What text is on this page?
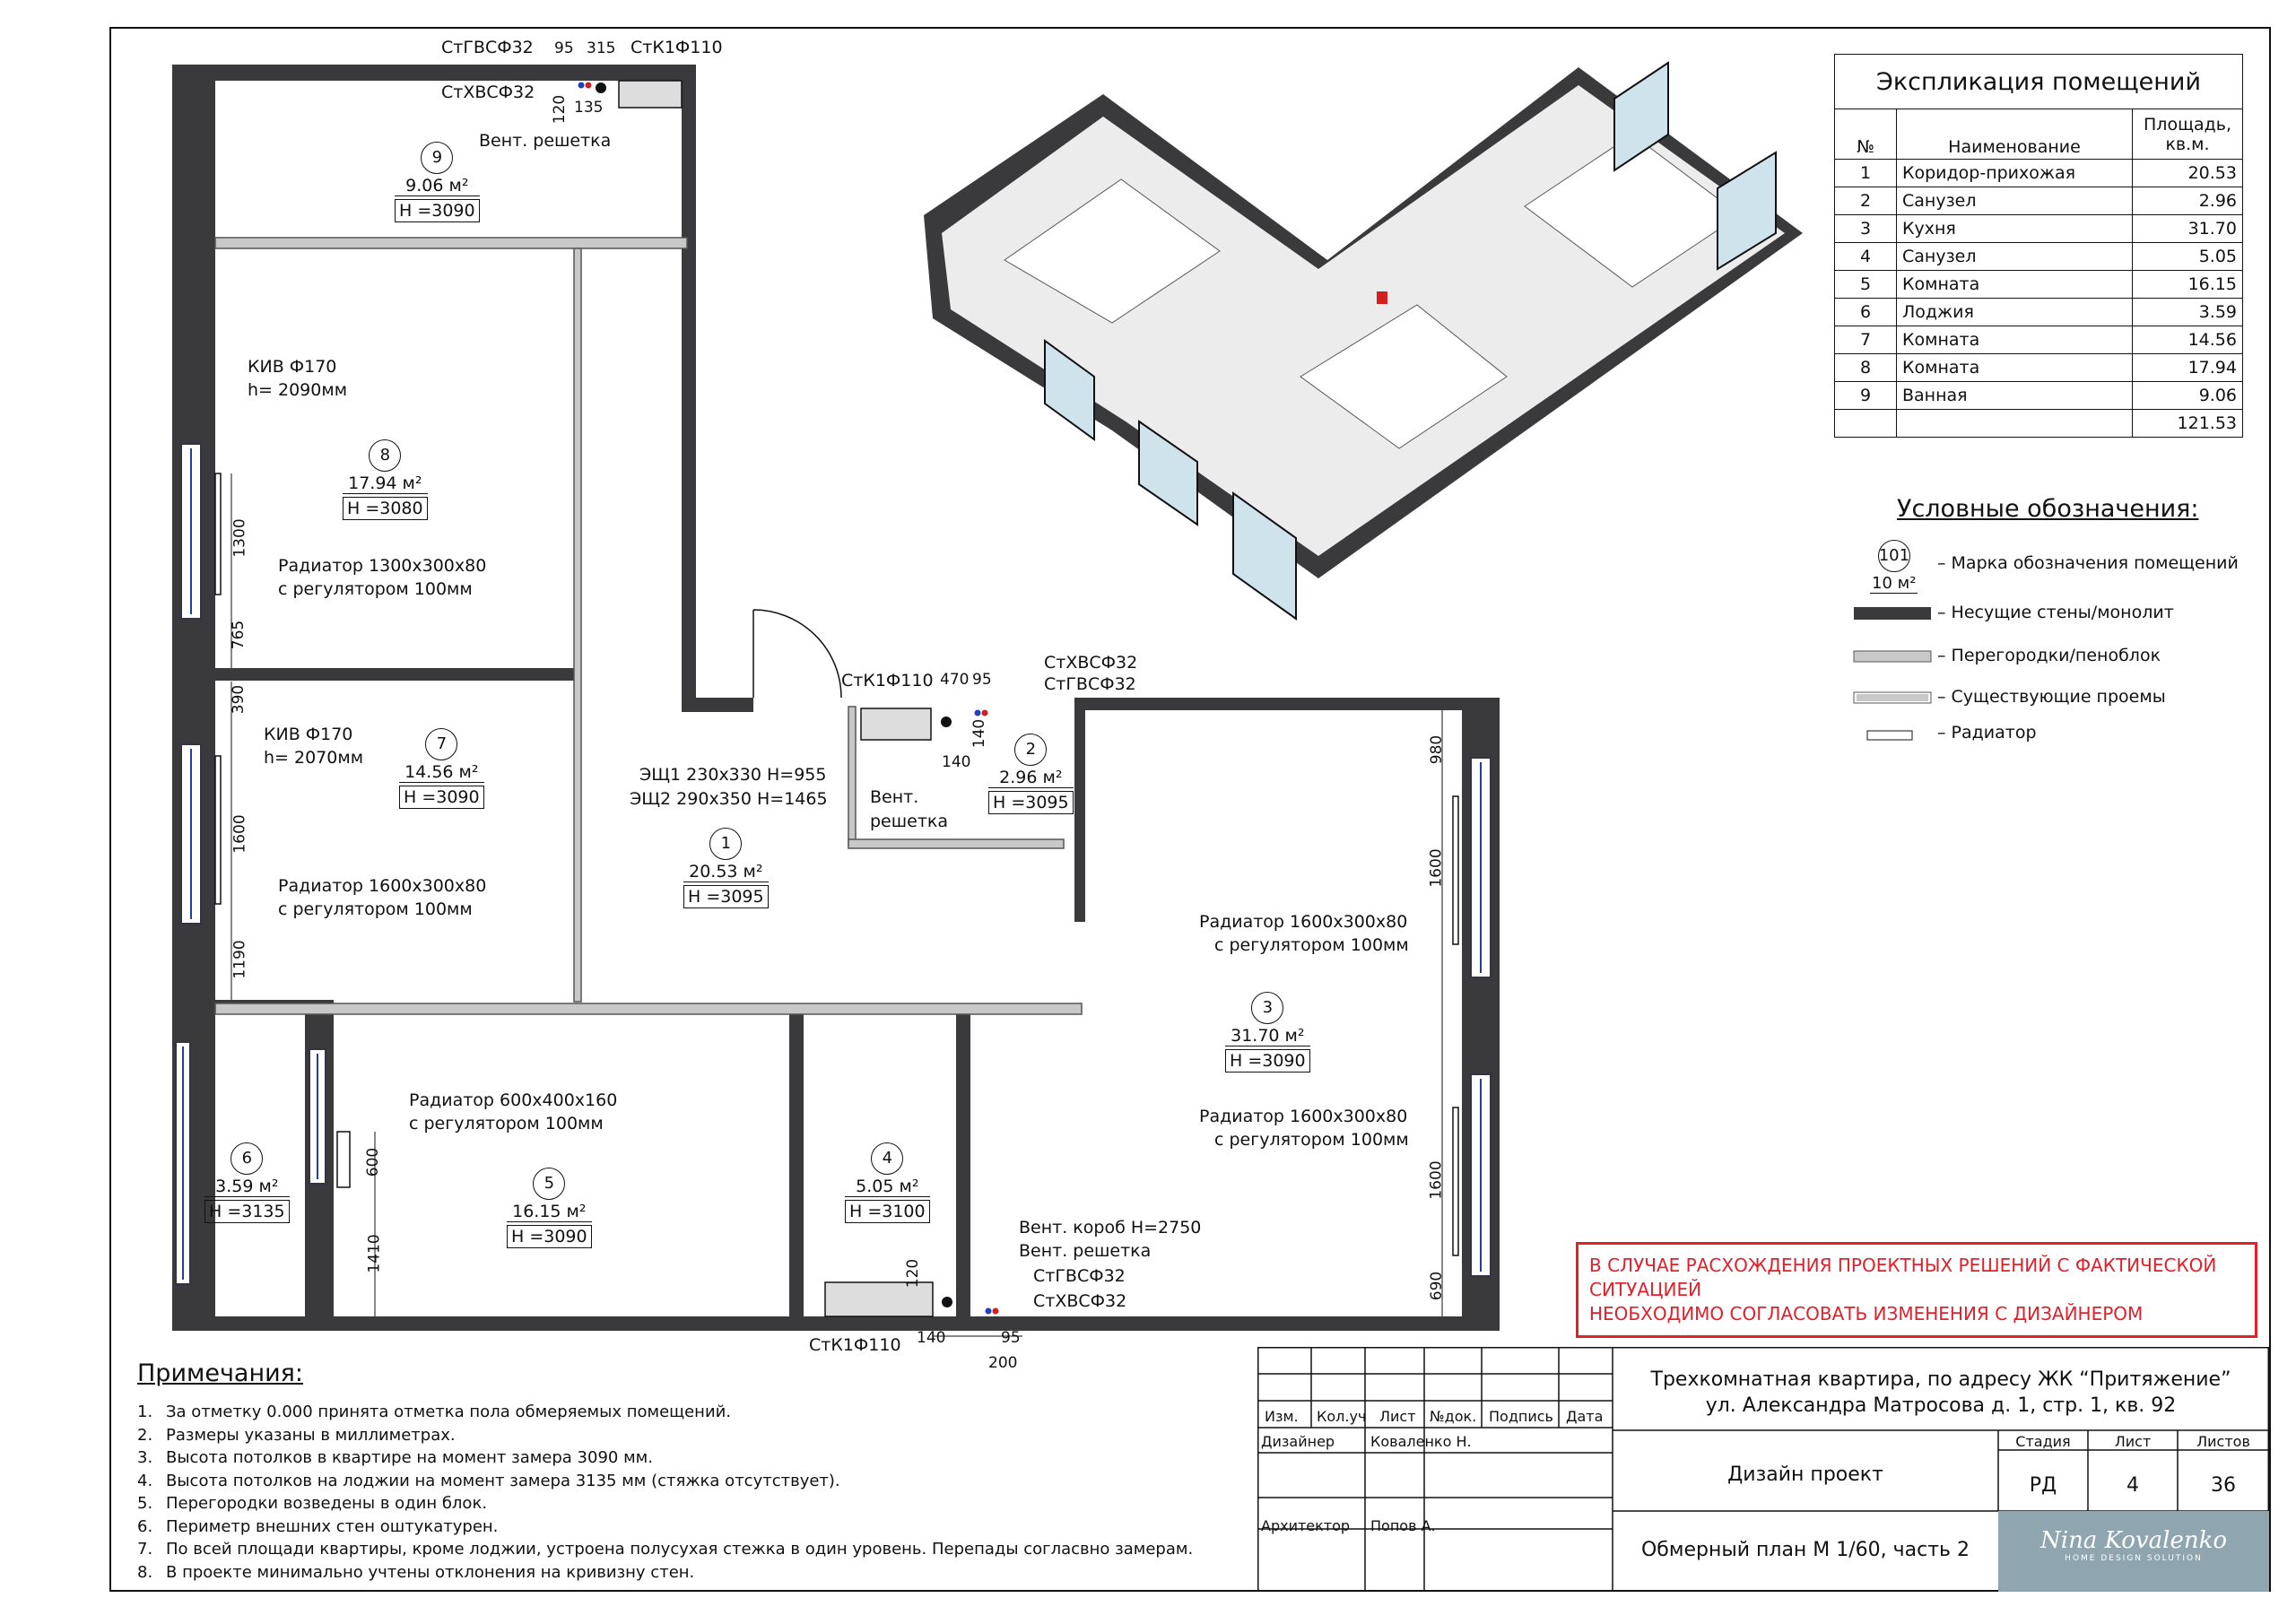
9
9.06 м²
H =3090
8
17.94 м²
H =3080
7
14.56 м²
H =3090
1
20.53 м²
H =3095
2
2.96 м²
H =3095
3
31.70 м²
H =3090
6
3.59 м²
H =3135
5
16.15 м²
H =3090
4
5.05 м²
H =3100
СтГВСФ32	СтК1Ф110
СтХВСФ32
Вент. решетка
КИВ Ф170
h= 2090мм
Радиатор 1300х300х80
с регулятором 100мм
КИВ Ф170
h= 2070мм
Радиатор 1600х300х80
с регулятором 100мм
ЭЩ1 230х330 H=955
ЭЩ2 290х350 H=1465
СтК1Ф110
СтХВСФ32
СтГВСФ32
Вент.
решетка
Радиатор 1600х300х80
с регулятором 100мм
Радиатор 1600х300х80
с регулятором 100мм
Радиатор 600х400х160
с регулятором 100мм
Вент. короб H=2750
Вент. решетка
СтГВСФ32
СтХВСФ32
СтК1Ф110
95 315
120 135
1300
765
390
1600
1190
470 95
140
140	980
1600
1600
690
600
1410
120
140	95
200
Экспликация помещений		
№	Наименование	Площадь, кв.м.
1	Коридор-прихожая	20.53
2	Санузел	2.96
3	Кухня	31.70
4	Санузел	5.05
5	Комната	16.15
6	Лоджия	3.59
7	Комната	14.56
8	Комната	17.94
9	Ванная	9.06
		121.53
Условные обозначения:
101
10 м²
– Марка обозначения помещений
– Несущие стены/монолит
– Перегородки/пеноблок
– Существующие проемы
– Радиатор
В СЛУЧАЕ РАСХОЖДЕНИЯ ПРОЕКТНЫХ РЕШЕНИЙ С ФАКТИЧЕСКОЙ СИТУАЦИЕЙ
НЕОБХОДИМО СОГЛАСОВАТЬ ИЗМЕНЕНИЯ С ДИЗАЙНЕРОМ
Примечания:
1. За отметку 0.000 принята отметка пола обмеряемых помещений.
2. Размеры указаны в миллиметрах.
3. Высота потолков в квартире на момент замера 3090 мм.
4. Высота потолков на лоджии на момент замера 3135 мм (стяжка отсутствует).
5. Перегородки возведены в один блок.
6. Периметр внешних стен оштукатурен.
7. По всей площади квартиры, кроме лоджии, устроена полусухая стежка в один уровень. Перепады согласвно замерам.
8. В проекте минимально учтены отклонения на кривизну стен.
Изм. Кол.уч Лист №док. Подпись Дата
Дизайнер Коваленко Н.
Архитектор Попов А.
Трехкомнатная квартира, по адресу ЖК “Притяжение”
ул. Александра Матросова д. 1, стр. 1, кв. 92
Дизайн проект
Обмерный план М 1/60, часть 2
Стадия	Лист	Листов
РД	4	36
Nina Kovalenko
HOME DESIGN SOLUTION
